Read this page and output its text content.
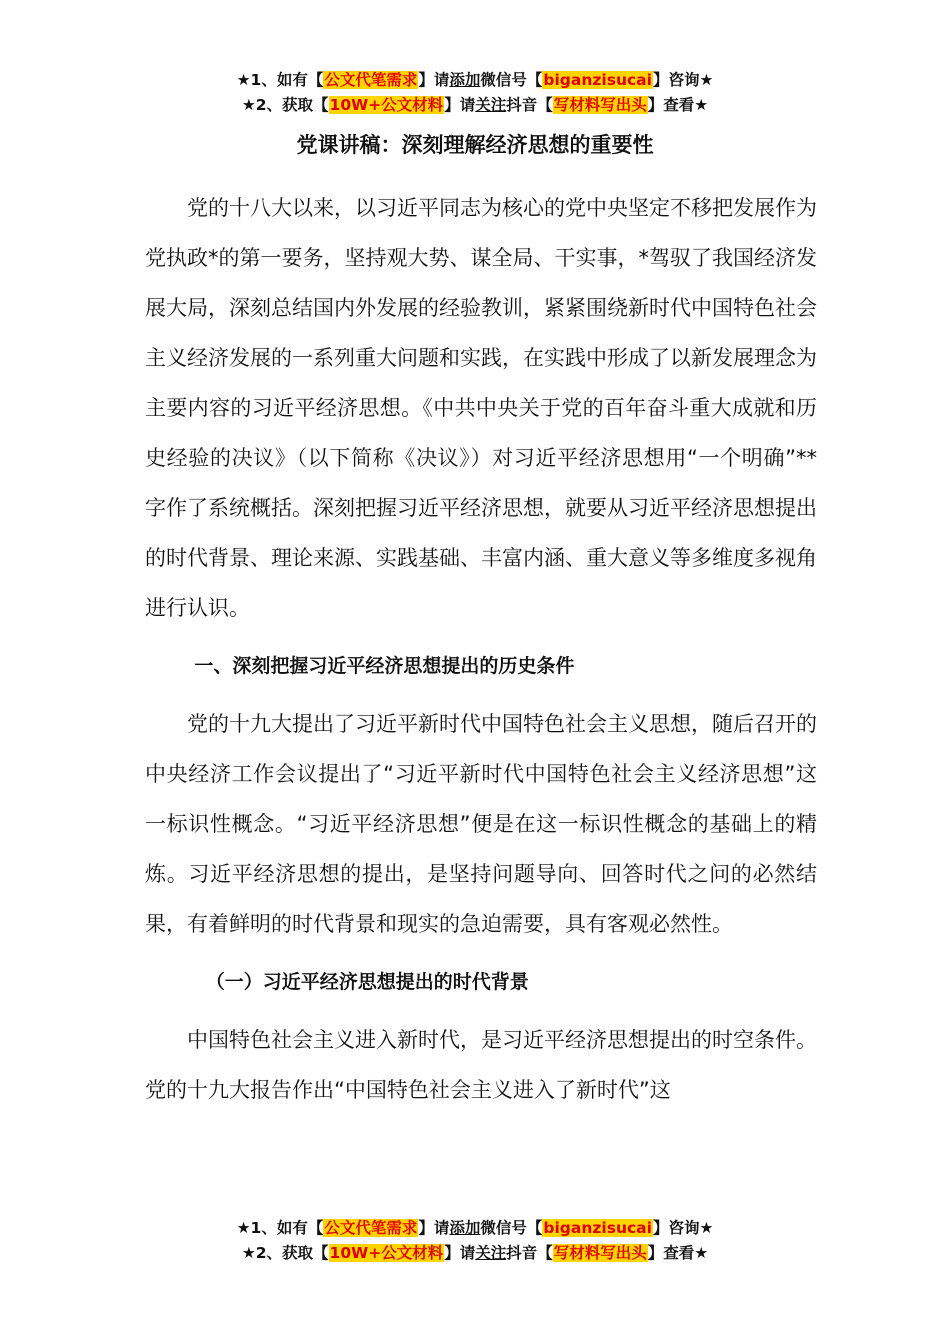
★1、如有【公文代笔需求】请添加微信号【biganzisucai】咨询★
★2、获取【10W+公文材料】请关注抖音【写材料写出头】查看★
党课讲稿：深刻理解经济思想的重要性

党的十八大以来，以习近平同志为核心的党中央坚定不移把发展作为党执政*的第一要务，坚持观大势、谋全局、干实事，*驾驭了我国经济发展大局，深刻总结国内外发展的经验教训，紧紧围绕新时代中国特色社会主义经济发展的一系列重大问题和实践，在实践中形成了以新发展理念为主要内容的习近平经济思想。《中共中央关于党的百年奋斗重大成就和历史经验的决议》（以下简称《决议》）对习近平经济思想用“一个明确”**字作了系统概括。深刻把握习近平经济思想，就要从习近平经济思想提出的时代背景、理论来源、实践基础、丰富内涵、重大意义等多维度多视角进行认识。

一、深刻把握习近平经济思想提出的历史条件

党的十九大提出了习近平新时代中国特色社会主义思想，随后召开的中央经济工作会议提出了“习近平新时代中国特色社会主义经济思想”这一标识性概念。“习近平经济思想”便是在这一标识性概念的基础上的精炼。习近平经济思想的提出，是坚持问题导向、回答时代之问的必然结果，有着鲜明的时代背景和现实的急迫需要，具有客观必然性。

（一）习近平经济思想提出的时代背景

中国特色社会主义进入新时代，是习近平经济思想提出的时空条件。党的十九大报告作出“中国特色社会主义进入了新时代”这

★1、如有【公文代笔需求】请添加微信号【biganzisucai】咨询★
★2、获取【10W+公文材料】请关注抖音【写材料写出头】查看★
